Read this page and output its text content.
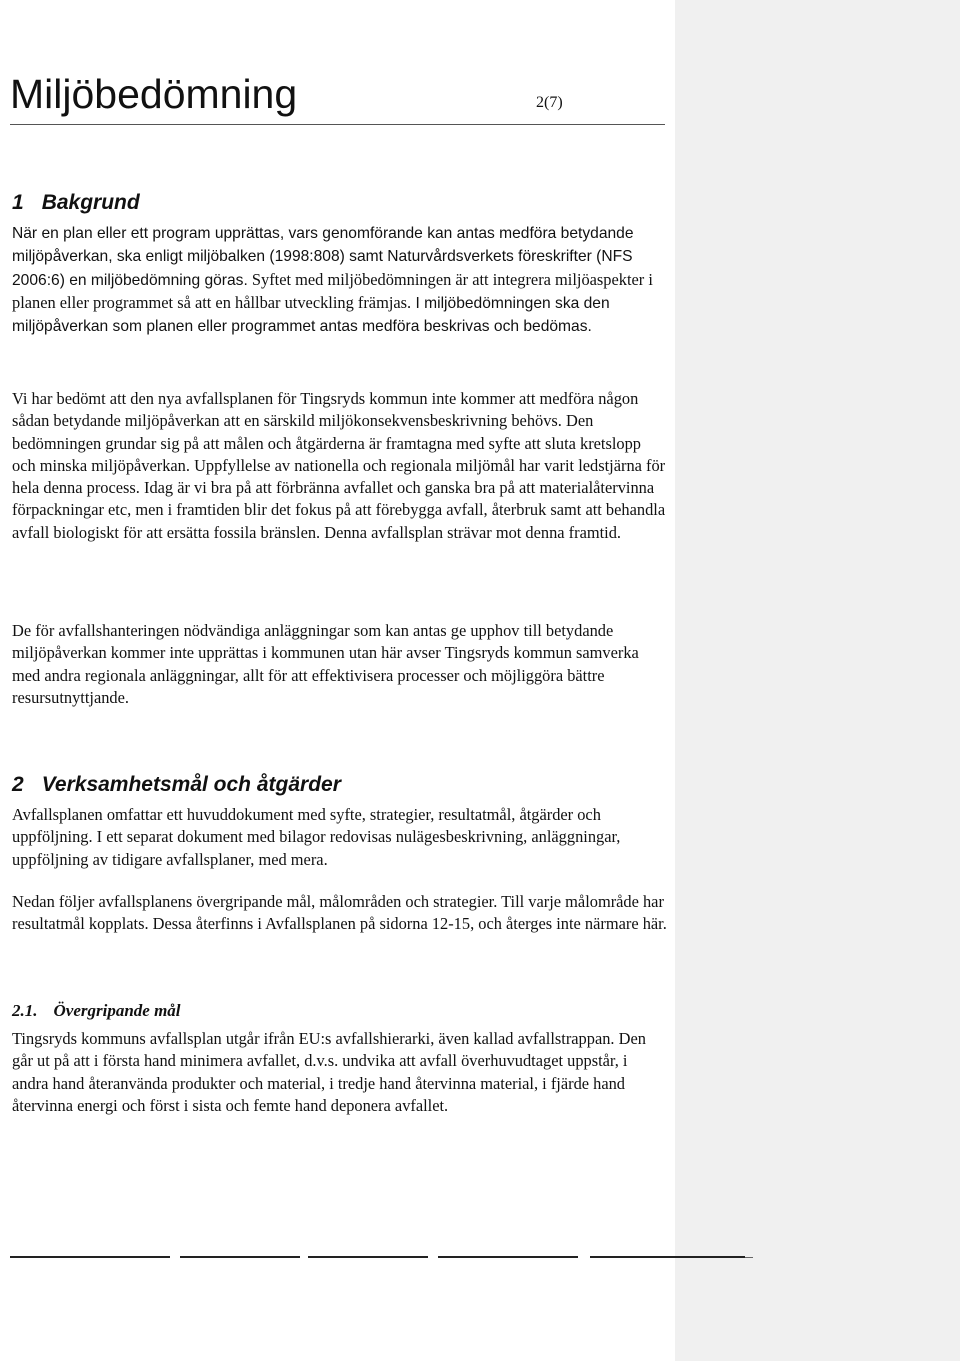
Miljöbedömning	2(7)
1 Bakgrund

När en plan eller ett program upprättas, vars genomförande kan antas medföra betydande miljöpåverkan, ska enligt miljöbalken (1998:808) samt Naturvårdsverkets föreskrifter (NFS 2006:6) en miljöbedömning göras. Syftet med miljöbedömningen är att integrera miljöaspekter i planen eller programmet så att en hållbar utveckling främjas. I miljöbedömningen ska den miljöpåverkan som planen eller programmet antas medföra beskrivas och bedömas.

Vi har bedömt att den nya avfallsplanen för Tingsryds kommun inte kommer att medföra någon sådan betydande miljöpåverkan att en särskild miljökonsekvensbeskrivning behövs. Den bedömningen grundar sig på att målen och åtgärderna är framtagna med syfte att sluta kretslopp och minska miljöpåverkan. Uppfyllelse av nationella och regionala miljömål har varit ledstjärna för hela denna process. Idag är vi bra på att förbränna avfallet och ganska bra på att materialåtervinna förpackningar etc, men i framtiden blir det fokus på att förebygga avfall, återbruk samt att behandla avfall biologiskt för att ersätta fossila bränslen. Denna avfallsplan strävar mot denna framtid.

De för avfallshanteringen nödvändiga anläggningar som kan antas ge upphov till betydande miljöpåverkan kommer inte upprättas i kommunen utan här avser Tingsryds kommun samverka med andra regionala anläggningar, allt för att effektivisera processer och möjliggöra bättre resursutnyttjande.

2 Verksamhetsmål och åtgärder

Avfallsplanen omfattar ett huvuddokument med syfte, strategier, resultatmål, åtgärder och uppföljning. I ett separat dokument med bilagor redovisas nulägesbeskrivning, anläggningar, uppföljning av tidigare avfallsplaner, med mera.

Nedan följer avfallsplanens övergripande mål, målområden och strategier. Till varje målområde har resultatmål kopplats. Dessa återfinns i Avfallsplanen på sidorna 12-15, och återges inte närmare här.

2.1. Övergripande mål

Tingsryds kommuns avfallsplan utgår ifrån EU:s avfallshierarki, även kallad avfallstrappan. Den går ut på att i första hand minimera avfallet, d.v.s. undvika att avfall överhuvudtaget uppstår, i andra hand återanvända produkter och material, i tredje hand återvinna material, i fjärde hand återvinna energi och först i sista och femte hand deponera avfallet.
